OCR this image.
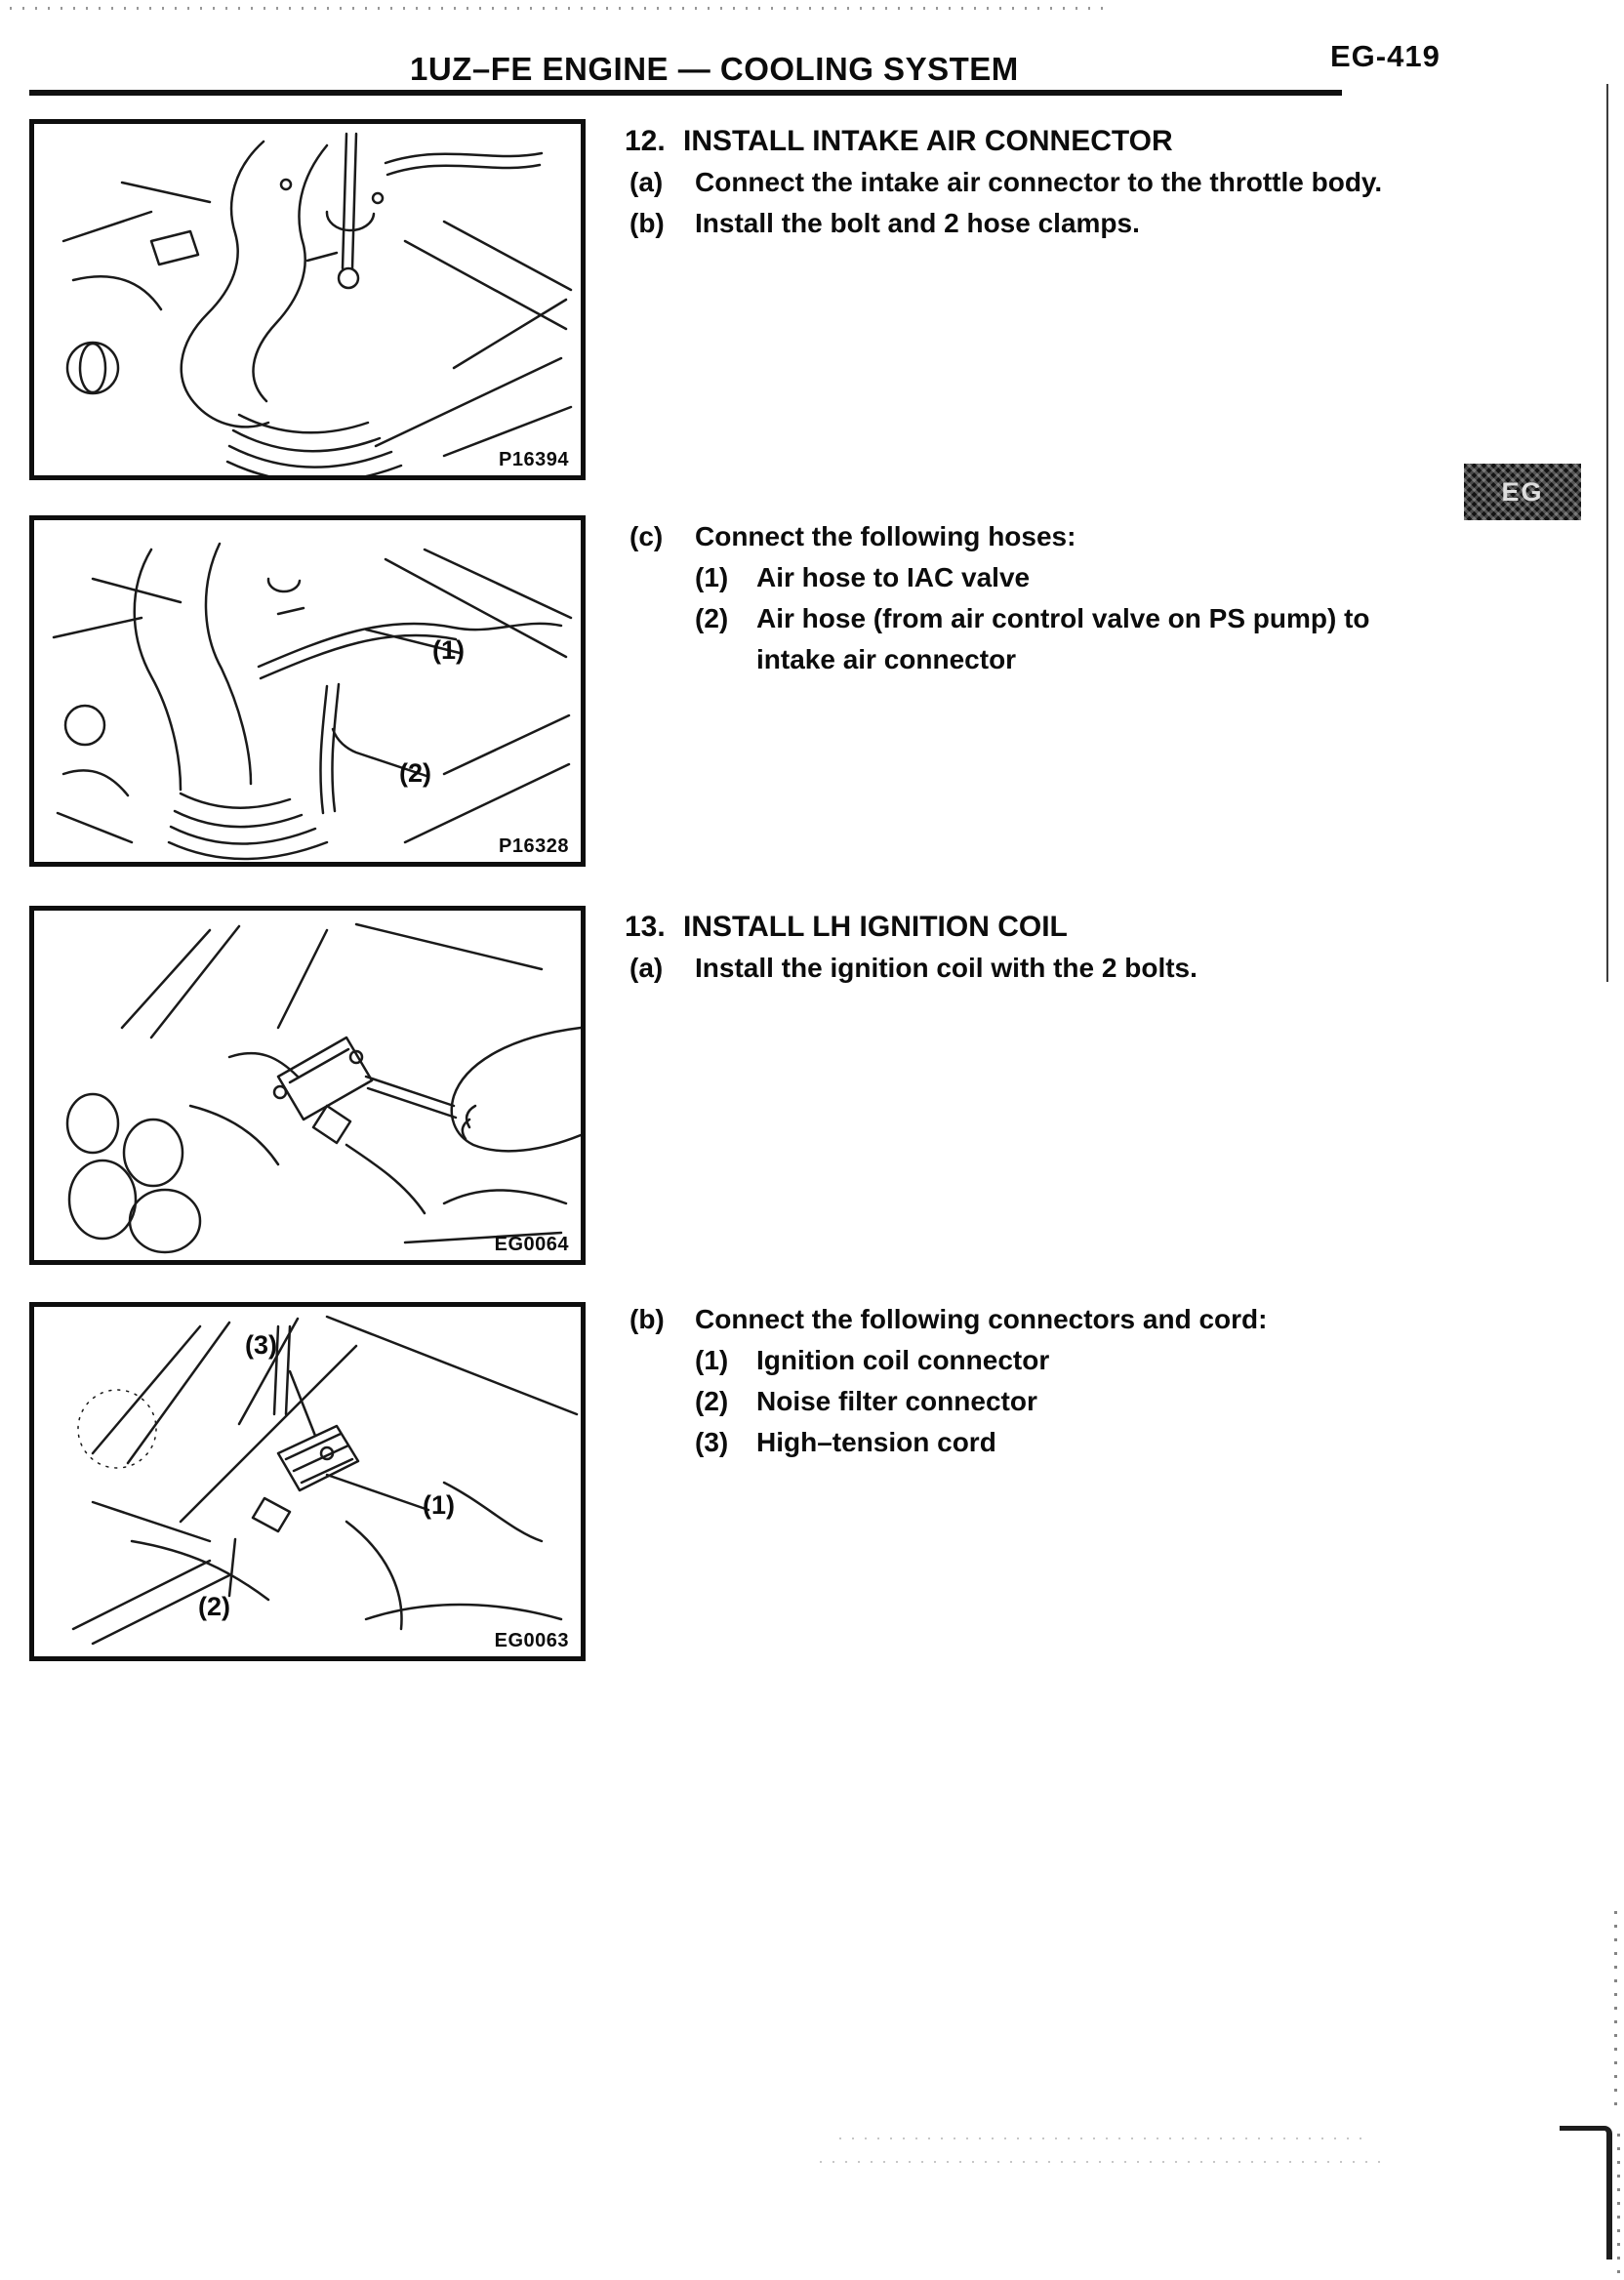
EG-419
1UZ–FE ENGINE — COOLING SYSTEM
EG
P16394
(1)
(2)
P16328
EG0064
(3)
(1)
(2)
EG0063
12. INSTALL INTAKE AIR CONNECTOR
(a)	Connect the intake air connector to the throttle body.
(b)	Install the bolt and 2 hose clamps.
(c)	Connect the following hoses:
(1)	Air hose to IAC valve
(2)	Air hose (from air control valve on PS pump) to
intake air connector
13. INSTALL LH IGNITION COIL
(a)	Install the ignition coil with the 2 bolts.
(b)	Connect the following connectors and cord:
(1)	Ignition coil connector
(2)	Noise filter connector
(3)	High–tension cord
